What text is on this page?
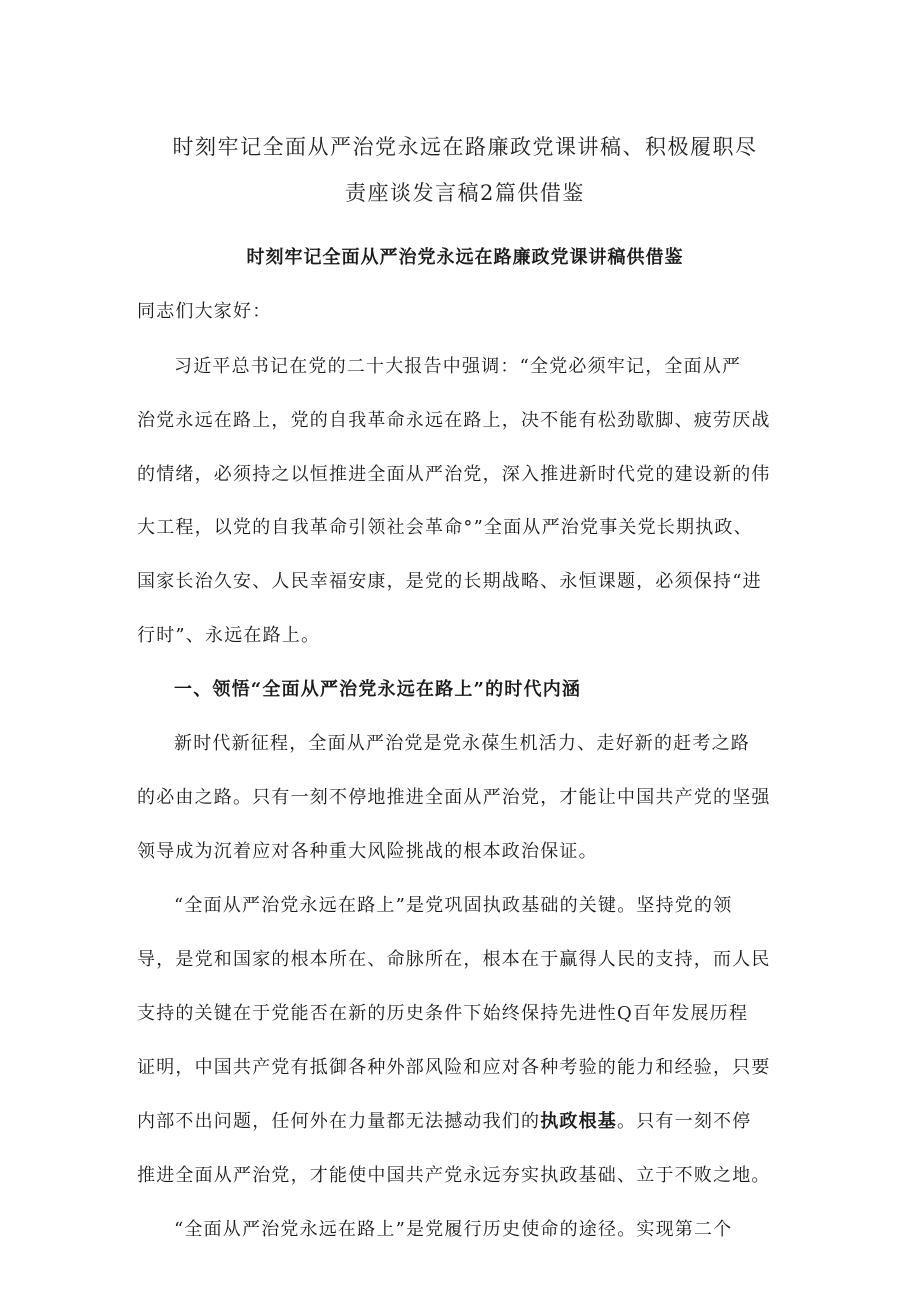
时刻牢记全面从严治党永远在路廉政党课讲稿、积极履职尽
责座谈发言稿2篇供借鉴
时刻牢记全面从严治党永远在路廉政党课讲稿供借鉴
同志们大家好：
习近平总书记在党的二十大报告中强调：“全党必须牢记，全面从严
治党永远在路上，党的自我革命永远在路上，决不能有松劲歇脚、疲劳厌战
的情绪，必须持之以恒推进全面从严治党，深入推进新时代党的建设新的伟
大工程，以党的自我革命引领社会革命°”全面从严治党事关党长期执政、
国家长治久安、人民幸福安康，是党的长期战略、永恒课题，必须保持“进
行时”、永远在路上。
一、领悟“全面从严治党永远在路上”的时代内涵
新时代新征程，全面从严治党是党永葆生机活力、走好新的赶考之路
的必由之路。只有一刻不停地推进全面从严治党，才能让中国共产党的坚强
领导成为沉着应对各种重大风险挑战的根本政治保证。
“全面从严治党永远在路上”是党巩固执政基础的关键。坚持党的领
导，是党和国家的根本所在、命脉所在，根本在于赢得人民的支持，而人民
支持的关键在于党能否在新的历史条件下始终保持先进性Q百年发展历程
证明，中国共产党有抵御各种外部风险和应对各种考验的能力和经验，只要
内部不出问题，任何外在力量都无法撼动我们的执政根基。只有一刻不停
推进全面从严治党，才能使中国共产党永远夯实执政基础、立于不败之地。
“全面从严治党永远在路上”是党履行历史使命的途径。实现第二个
